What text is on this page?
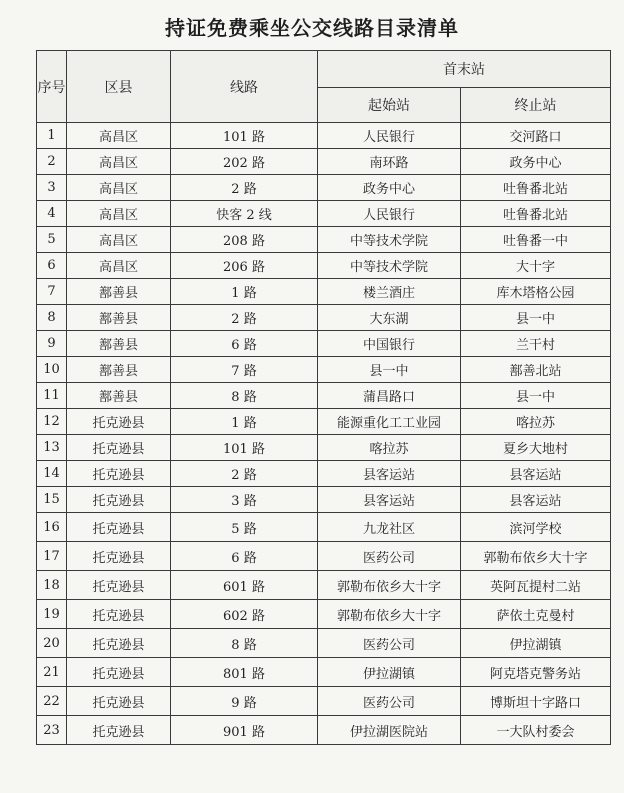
持证免费乘坐公交线路目录清单
序号	区县	线路	首末站	
			起始站	终止站
1	高昌区	101 路	人民银行	交河路口
2	高昌区	202 路	南环路	政务中心
3	高昌区	2 路	政务中心	吐鲁番北站
4	高昌区	快客 2 线	人民银行	吐鲁番北站
5	高昌区	208 路	中等技术学院	吐鲁番一中
6	高昌区	206 路	中等技术学院	大十字
7	鄯善县	1 路	楼兰酒庄	库木塔格公园
8	鄯善县	2 路	大东湖	县一中
9	鄯善县	6 路	中国银行	兰干村
10	鄯善县	7 路	县一中	鄯善北站
11	鄯善县	8 路	蒲昌路口	县一中
12	托克逊县	1 路	能源重化工工业园	喀拉苏
13	托克逊县	101 路	喀拉苏	夏乡大地村
14	托克逊县	2 路	县客运站	县客运站
15	托克逊县	3 路	县客运站	县客运站
16	托克逊县	5 路	九龙社区	滨河学校
17	托克逊县	6 路	医药公司	郭勒布依乡大十字
18	托克逊县	601 路	郭勒布依乡大十字	英阿瓦提村二站
19	托克逊县	602 路	郭勒布依乡大十字	萨依土克曼村
20	托克逊县	8 路	医药公司	伊拉湖镇
21	托克逊县	801 路	伊拉湖镇	阿克塔克警务站
22	托克逊县	9 路	医药公司	博斯坦十字路口
23	托克逊县	901 路	伊拉湖医院站	一大队村委会
